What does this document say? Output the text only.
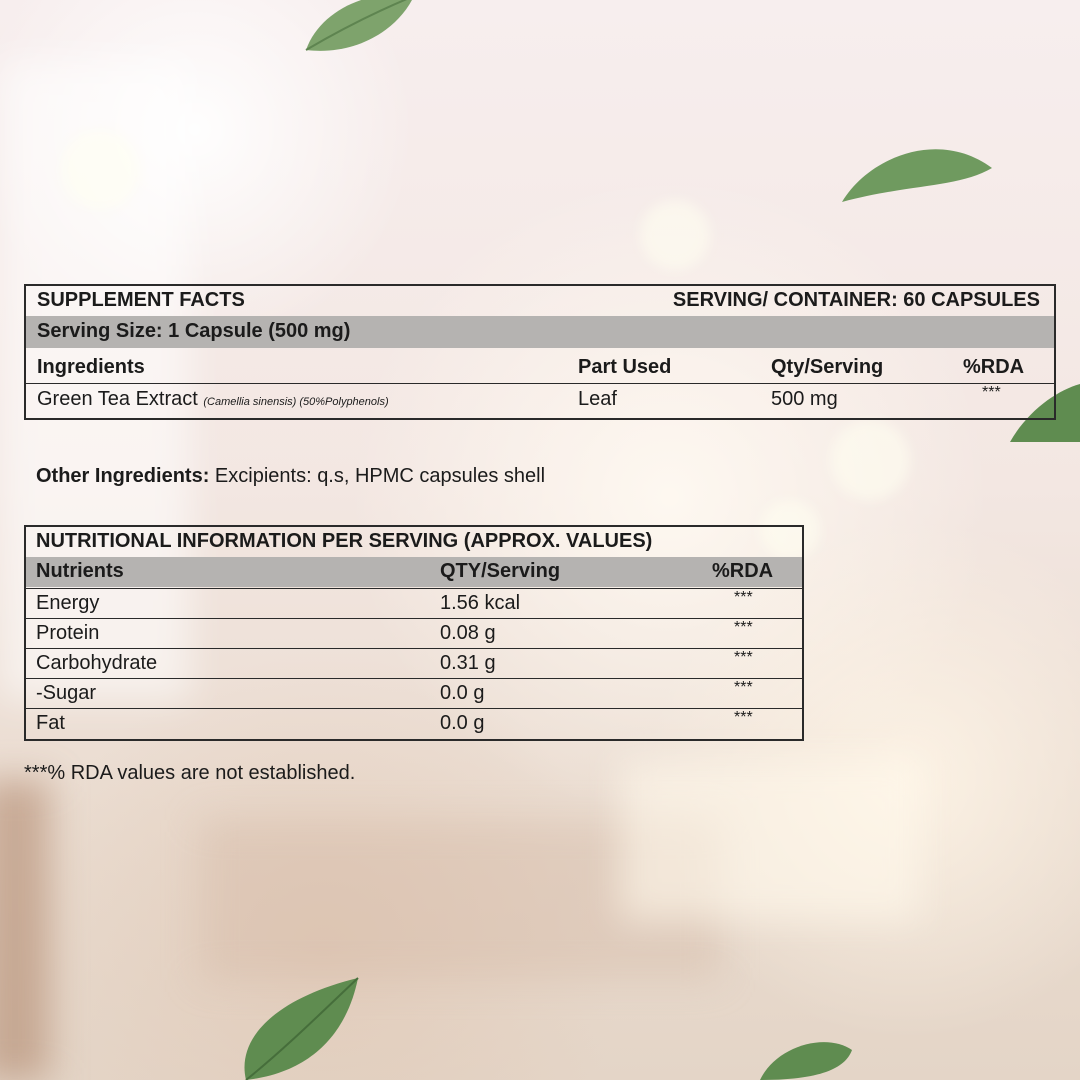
SUPPLEMENT FACTS	SERVING/ CONTAINER: 60 CAPSULES
Serving Size: 1 Capsule (500 mg)
Ingredients	Part Used	Qty/Serving	%RDA
Green Tea Extract (Camellia sinensis) (50%Polyphenols)	Leaf	500 mg	***
Other Ingredients: Excipients: q.s, HPMC capsules shell
NUTRITIONAL INFORMATION PER SERVING (APPROX. VALUES)
Nutrients	QTY/Serving	%RDA
Energy	1.56 kcal	***
Protein	0.08 g	***
Carbohydrate	0.31 g	***
-Sugar	0.0 g	***
Fat	0.0 g	***
***% RDA values are not established.
